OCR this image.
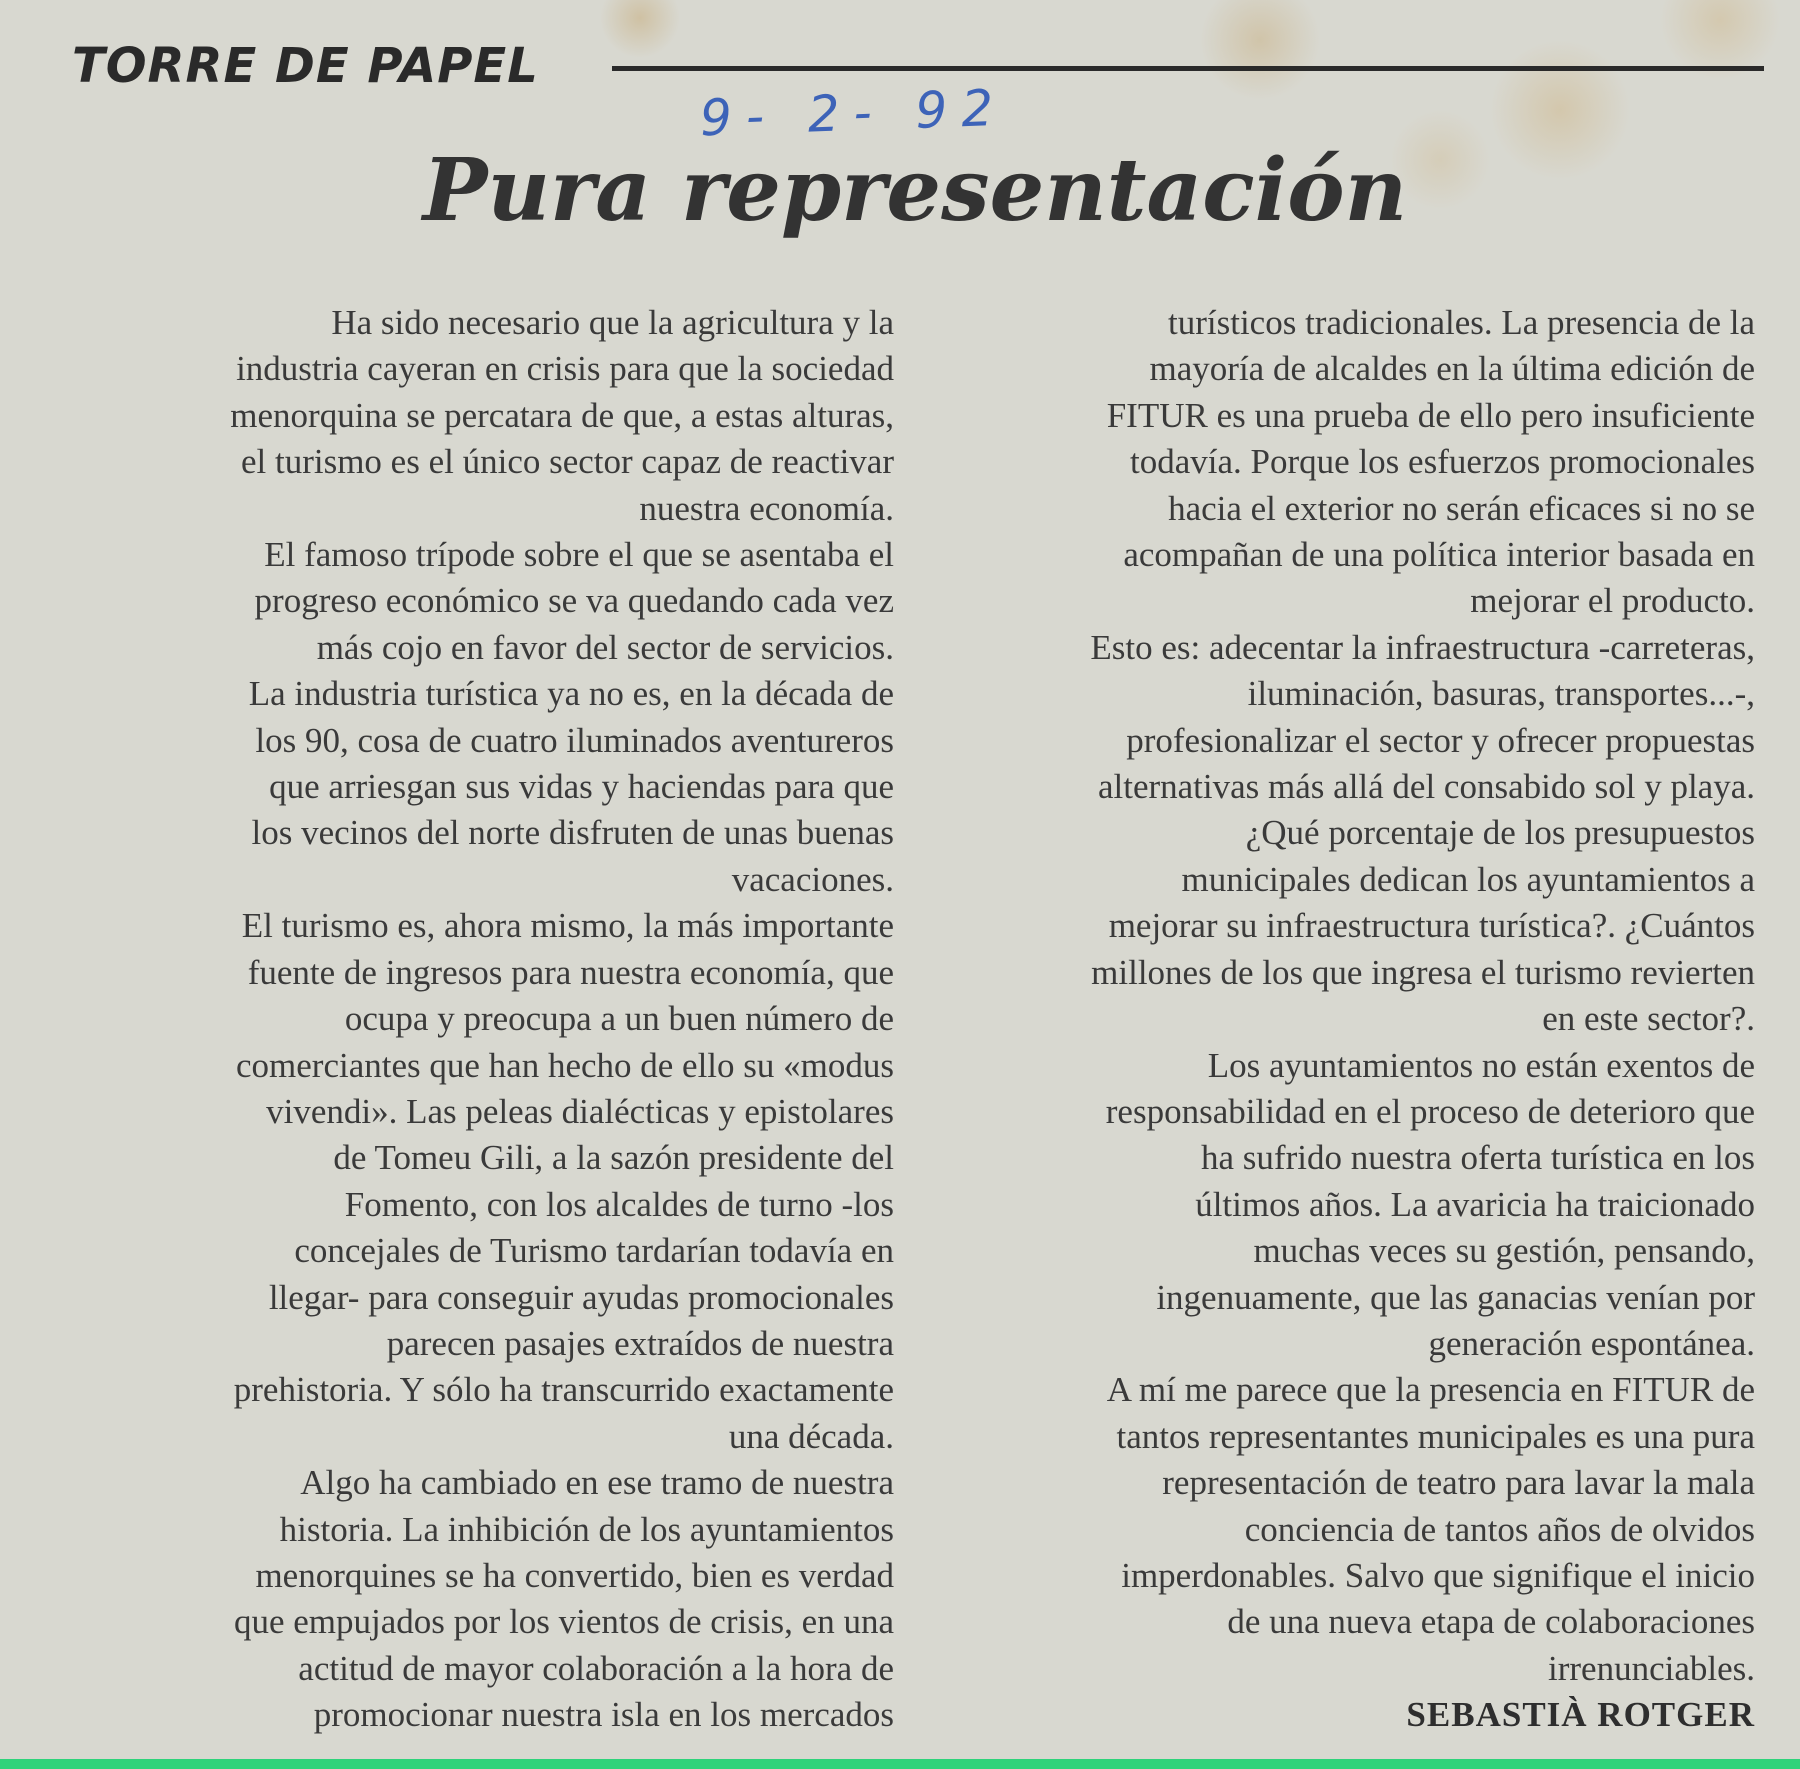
TORRE DE PAPEL
9- 2- 92
Pura representación
Ha sido necesario que la agricultura y la
industria cayeran en crisis para que la sociedad
menorquina se percatara de que, a estas alturas,
el turismo es el único sector capaz de reactivar
nuestra economía.
El famoso trípode sobre el que se asentaba el
progreso económico se va quedando cada vez
más cojo en favor del sector de servicios.
La industria turística ya no es, en la década de
los 90, cosa de cuatro iluminados aventureros
que arriesgan sus vidas y haciendas para que
los vecinos del norte disfruten de unas buenas
vacaciones.
El turismo es, ahora mismo, la más importante
fuente de ingresos para nuestra economía, que
ocupa y preocupa a un buen número de
comerciantes que han hecho de ello su «modus
vivendi». Las peleas dialécticas y epistolares
de Tomeu Gili, a la sazón presidente del
Fomento, con los alcaldes de turno -los
concejales de Turismo tardarían todavía en
llegar- para conseguir ayudas promocionales
parecen pasajes extraídos de nuestra
prehistoria. Y sólo ha transcurrido exactamente
una década.
Algo ha cambiado en ese tramo de nuestra
historia. La inhibición de los ayuntamientos
menorquines se ha convertido, bien es verdad
que empujados por los vientos de crisis, en una
actitud de mayor colaboración a la hora de
promocionar nuestra isla en los mercados
turísticos tradicionales. La presencia de la
mayoría de alcaldes en la última edición de
FITUR es una prueba de ello pero insuficiente
todavía. Porque los esfuerzos promocionales
hacia el exterior no serán eficaces si no se
acompañan de una política interior basada en
mejorar el producto.
Esto es: adecentar la infraestructura -carreteras,
iluminación, basuras, transportes...-,
profesionalizar el sector y ofrecer propuestas
alternativas más allá del consabido sol y playa.
¿Qué porcentaje de los presupuestos
municipales dedican los ayuntamientos a
mejorar su infraestructura turística?. ¿Cuántos
millones de los que ingresa el turismo revierten
en este sector?.
Los ayuntamientos no están exentos de
responsabilidad en el proceso de deterioro que
ha sufrido nuestra oferta turística en los
últimos años. La avaricia ha traicionado
muchas veces su gestión, pensando,
ingenuamente, que las ganacias venían por
generación espontánea.
A mí me parece que la presencia en FITUR de
tantos representantes municipales es una pura
representación de teatro para lavar la mala
conciencia de tantos años de olvidos
imperdonables. Salvo que signifique el inicio
de una nueva etapa de colaboraciones
irrenunciables.
SEBASTIÀ ROTGER
